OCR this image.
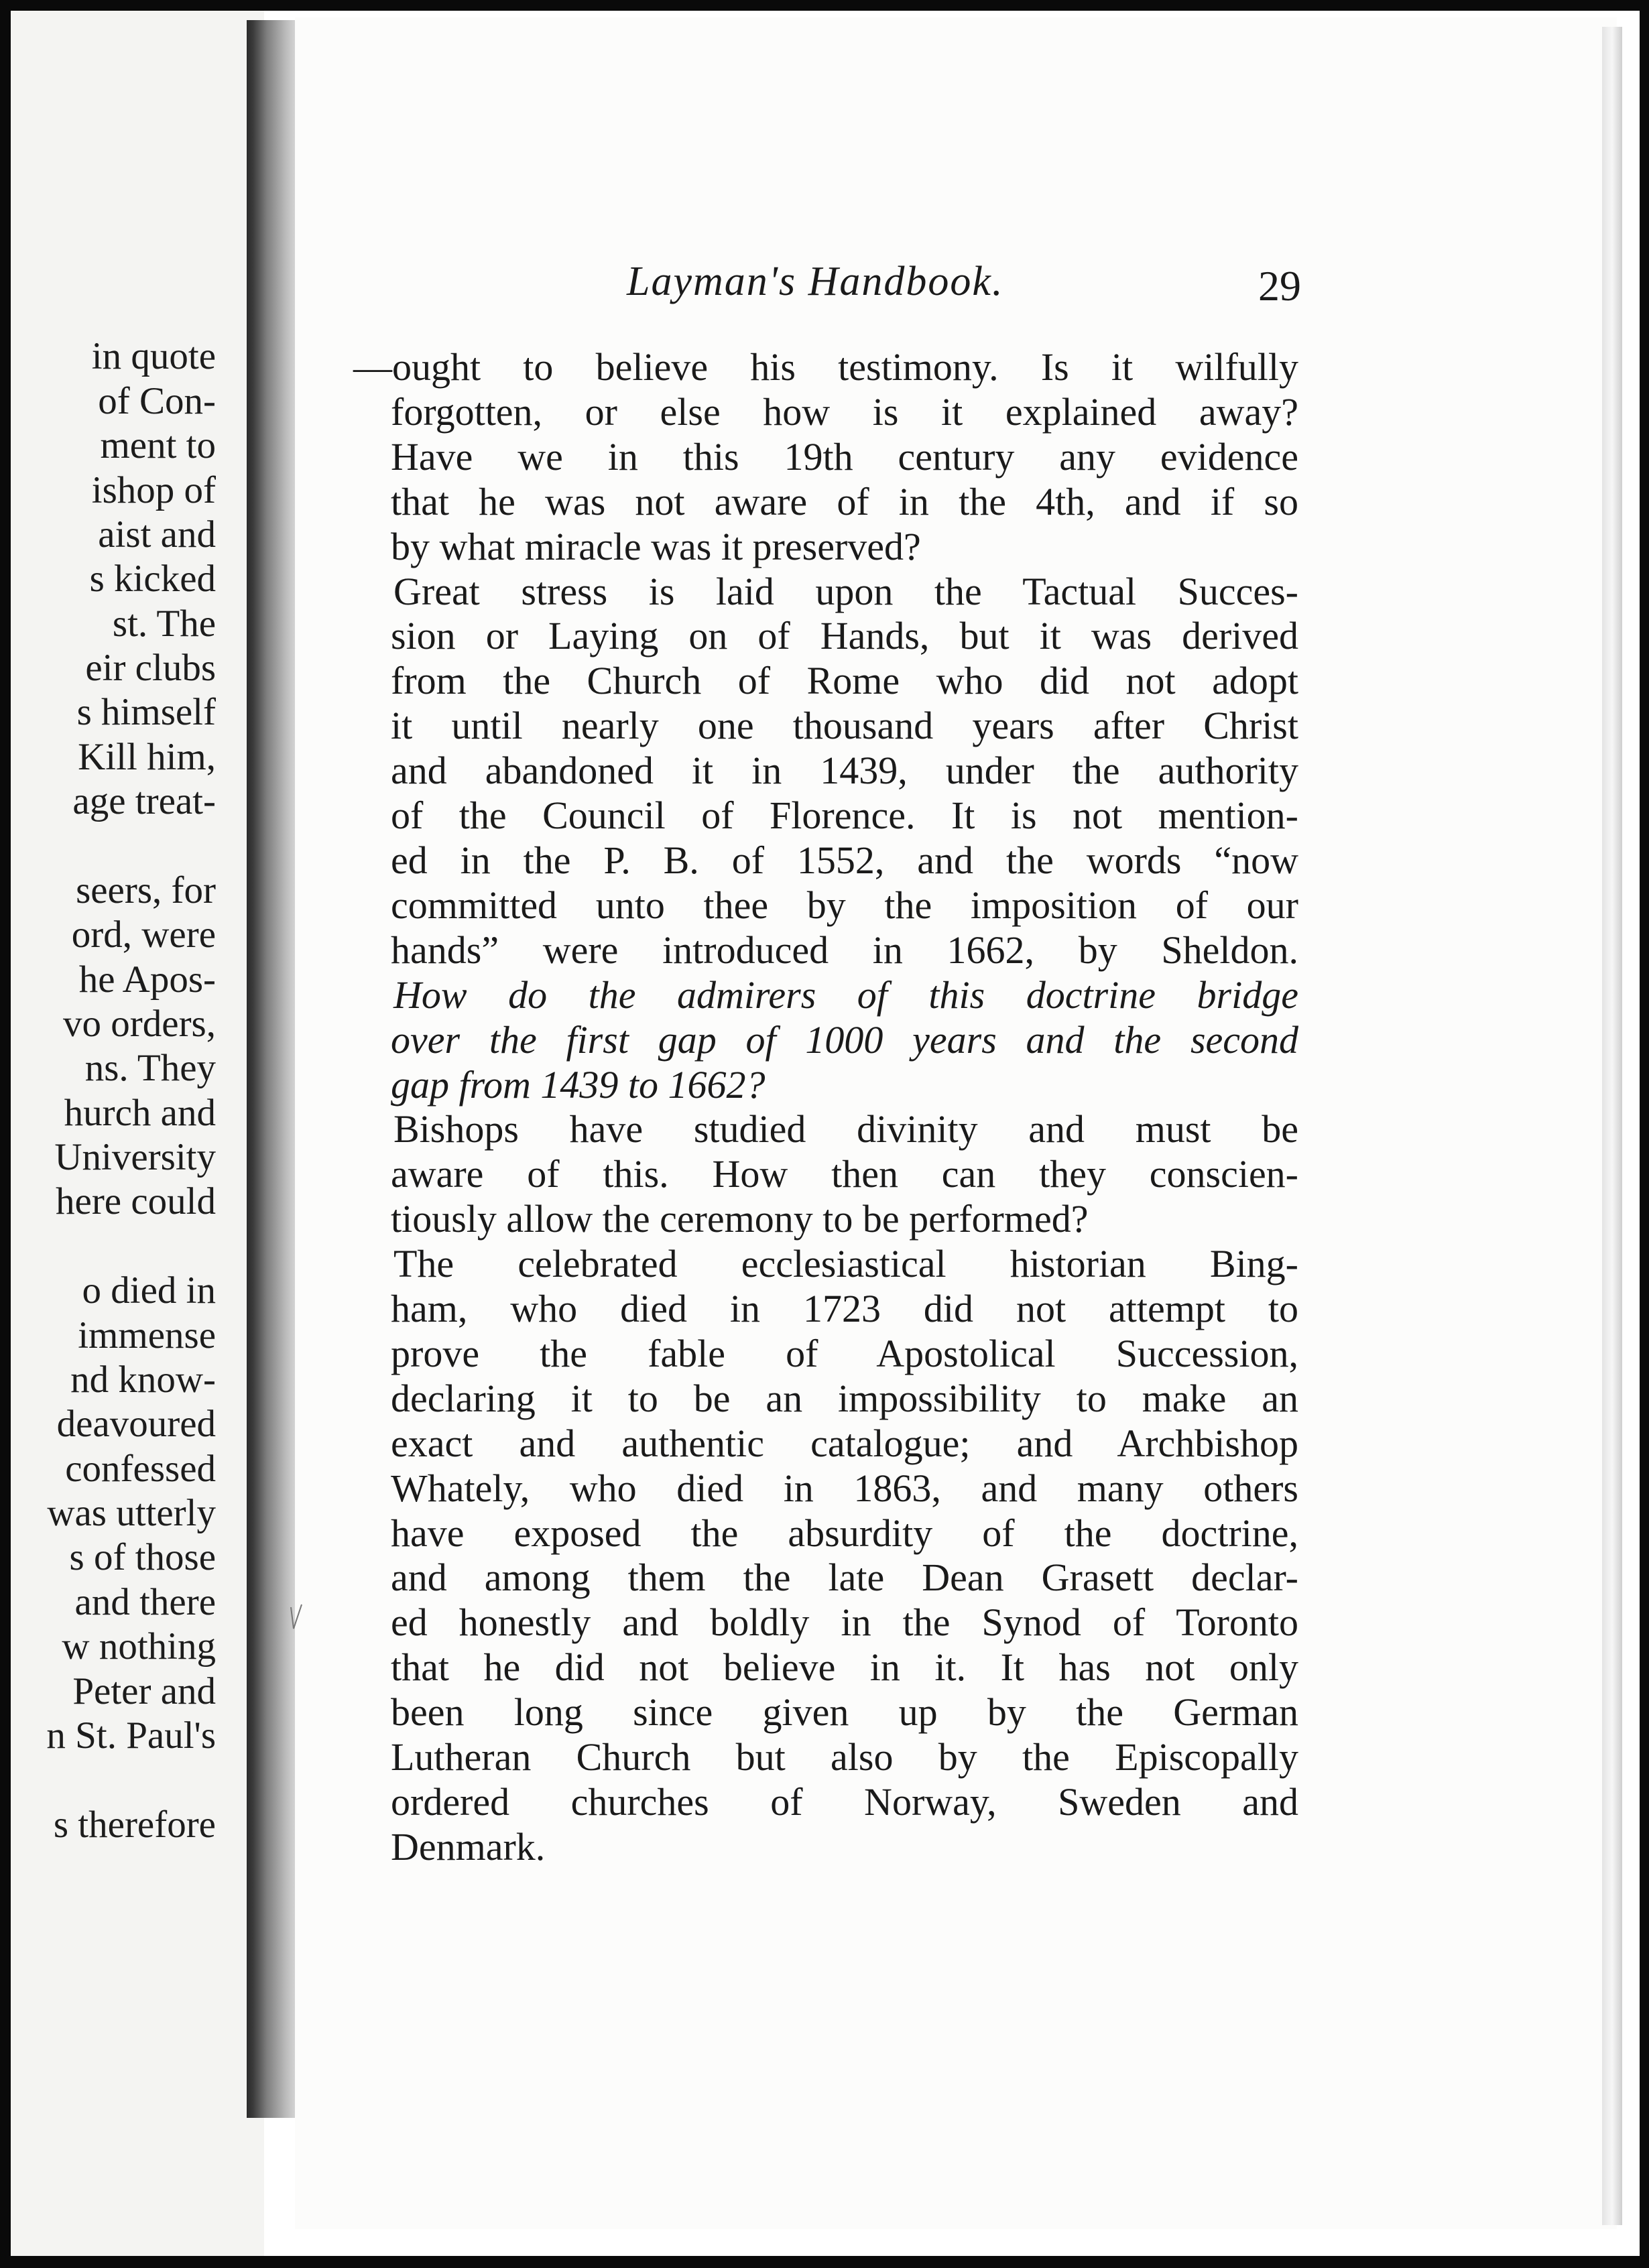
in quote
of Con-
ment to
ishop of
aist and
s kicked
st. The
eir clubs
s himself
Kill him,
age treat-
seers, for
ord, were
he Apos-
vo orders,
ns. They
hurch and
University
here could
o died in
immense
nd know-
deavoured
confessed
was utterly
s of those
and there
w nothing
Peter and
n St. Paul's
s therefore
Layman's Handbook.	29
—ought to believe his testimony. Is it wilfully
forgotten, or else how is it explained away?
Have we in this 19th century any evidence
that he was not aware of in the 4th, and if so
by what miracle was it preserved?
Great stress is laid upon the Tactual Succes-
sion or Laying on of Hands, but it was derived
from the Church of Rome who did not adopt
it until nearly one thousand years after Christ
and abandoned it in 1439, under the authority
of the Council of Florence. It is not mention-
ed in the P. B. of 1552, and the words “now
committed unto thee by the imposition of our
hands” were introduced in 1662, by Sheldon.
How do the admirers of this doctrine bridge
over the first gap of 1000 years and the second
gap from 1439 to 1662?
Bishops have studied divinity and must be
aware of this. How then can they conscien-
tiously allow the ceremony to be performed?
The celebrated ecclesiastical historian Bing-
ham, who died in 1723 did not attempt to
prove the fable of Apostolical Succession,
declaring it to be an impossibility to make an
exact and authentic catalogue; and Archbishop
Whately, who died in 1863, and many others
have exposed the absurdity of the doctrine,
and among them the late Dean Grasett declar-
ed honestly and boldly in the Synod of Toronto
that he did not believe in it. It has not only
been long since given up by the German
Lutheran Church but also by the Episcopally
ordered churches of Norway, Sweden and
Denmark.
